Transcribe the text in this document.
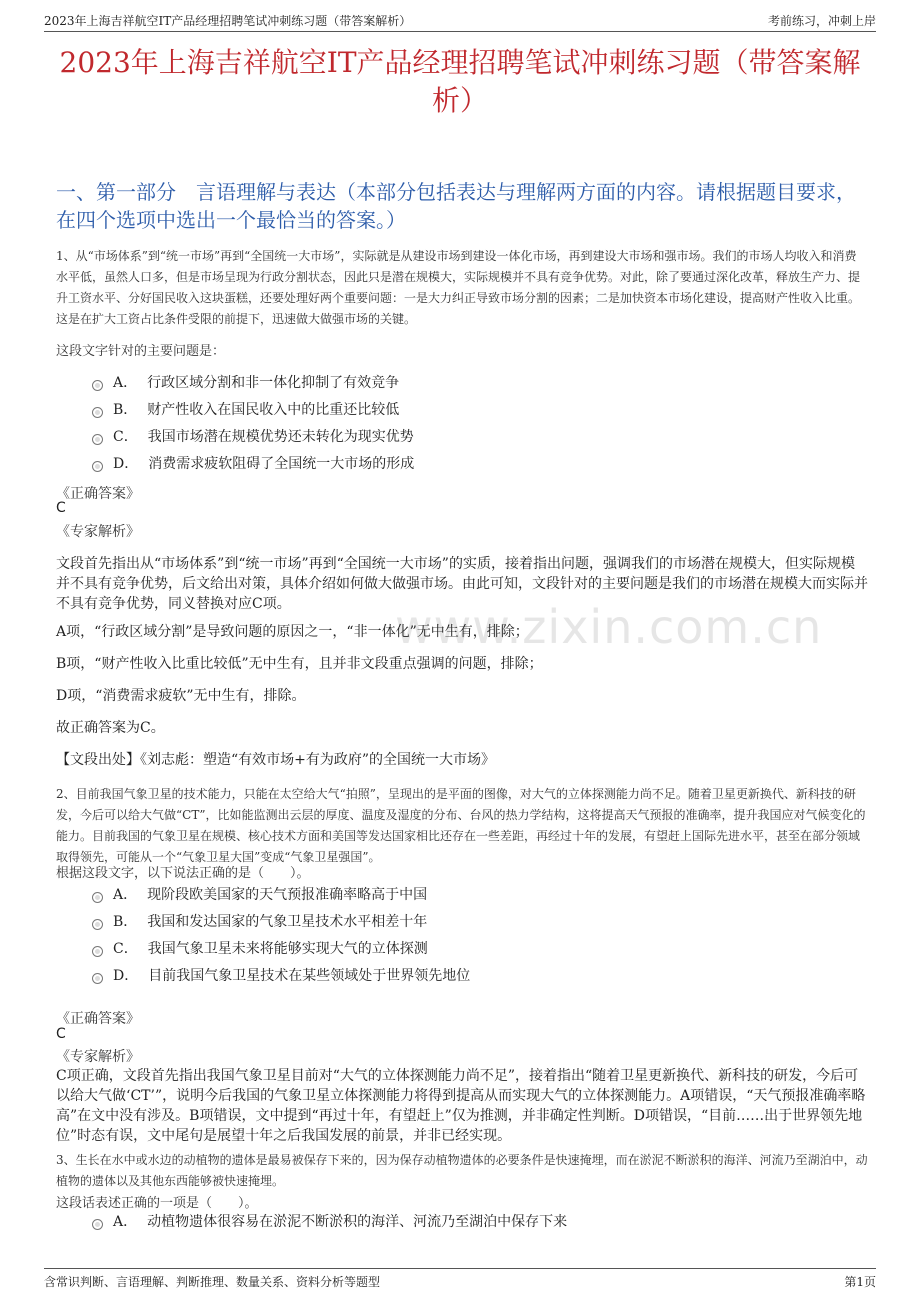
2023年上海吉祥航空IT产品经理招聘笔试冲刺练习题（带答案解析）	考前练习，冲刺上岸
www.zixin.com.cn
2023年上海吉祥航空IT产品经理招聘笔试冲刺练习题（带答案解析）
一、第一部分　言语理解与表达（本部分包括表达与理解两方面的内容。请根据题目要求，在四个选项中选出一个最恰当的答案。）
1、从“市场体系”到“统一市场”再到“全国统一大市场”，实际就是从建设市场到建设一体化市场，再到建设大市场和强市场。我们的市场人均收入和消费水平低，虽然人口多，但是市场呈现为行政分割状态，因此只是潜在规模大，实际规模并不具有竞争优势。对此，除了要通过深化改革，释放生产力、提升工资水平、分好国民收入这块蛋糕，还要处理好两个重要问题：一是大力纠正导致市场分割的因素；二是加快资本市场化建设，提高财产性收入比重。这是在扩大工资占比条件受限的前提下，迅速做大做强市场的关键。
这段文字针对的主要问题是：
A． 行政区域分割和非一体化抑制了有效竞争
B． 财产性收入在国民收入中的比重还比较低
C． 我国市场潜在规模优势还未转化为现实优势
D． 消费需求疲软阻碍了全国统一大市场的形成
《正确答案》
C
《专家解析》
文段首先指出从“市场体系”到“统一市场”再到“全国统一大市场”的实质，接着指出问题，强调我们的市场潜在规模大，但实际规模并不具有竞争优势，后文给出对策，具体介绍如何做大做强市场。由此可知，文段针对的主要问题是我们的市场潜在规模大而实际并不具有竞争优势，同义替换对应C项。
A项，“行政区域分割”是导致问题的原因之一，“非一体化”无中生有，排除；
B项，“财产性收入比重比较低”无中生有，且并非文段重点强调的问题，排除；
D项，“消费需求疲软”无中生有，排除。
故正确答案为C。
【文段出处】《刘志彪：塑造“有效市场+有为政府”的全国统一大市场》
2、目前我国气象卫星的技术能力，只能在太空给大气“拍照”，呈现出的是平面的图像，对大气的立体探测能力尚不足。随着卫星更新换代、新科技的研发，今后可以给大气做“CT”，比如能监测出云层的厚度、温度及湿度的分布、台风的热力学结构，这将提高天气预报的准确率，提升我国应对气候变化的能力。目前我国的气象卫星在规模、核心技术方面和美国等发达国家相比还存在一些差距，再经过十年的发展，有望赶上国际先进水平，甚至在部分领域取得领先，可能从一个“气象卫星大国”变成“气象卫星强国”。
根据这段文字，以下说法正确的是（　　）。
A． 现阶段欧美国家的天气预报准确率略高于中国
B． 我国和发达国家的气象卫星技术水平相差十年
C． 我国气象卫星未来将能够实现大气的立体探测
D． 目前我国气象卫星技术在某些领域处于世界领先地位
《正确答案》
C
《专家解析》
C项正确，文段首先指出我国气象卫星目前对“大气的立体探测能力尚不足”，接着指出“随着卫星更新换代、新科技的研发，今后可以给大气做‘CT’”，说明今后我国的气象卫星立体探测能力将得到提高从而实现大气的立体探测能力。A项错误，“天气预报准确率略高”在文中没有涉及。B项错误，文中提到“再过十年，有望赶上”仅为推测，并非确定性判断。D项错误，“目前……出于世界领先地位”时态有误，文中尾句是展望十年之后我国发展的前景，并非已经实现。
3、生长在水中或水边的动植物的遗体是最易被保存下来的，因为保存动植物遗体的必要条件是快速掩埋，而在淤泥不断淤积的海洋、河流乃至湖泊中，动植物的遗体以及其他东西能够被快速掩埋。
这段话表述正确的一项是（　　）。
A． 动植物遗体很容易在淤泥不断淤积的海洋、河流乃至湖泊中保存下来
含常识判断、言语理解、判断推理、数量关系、资料分析等题型	第1页
